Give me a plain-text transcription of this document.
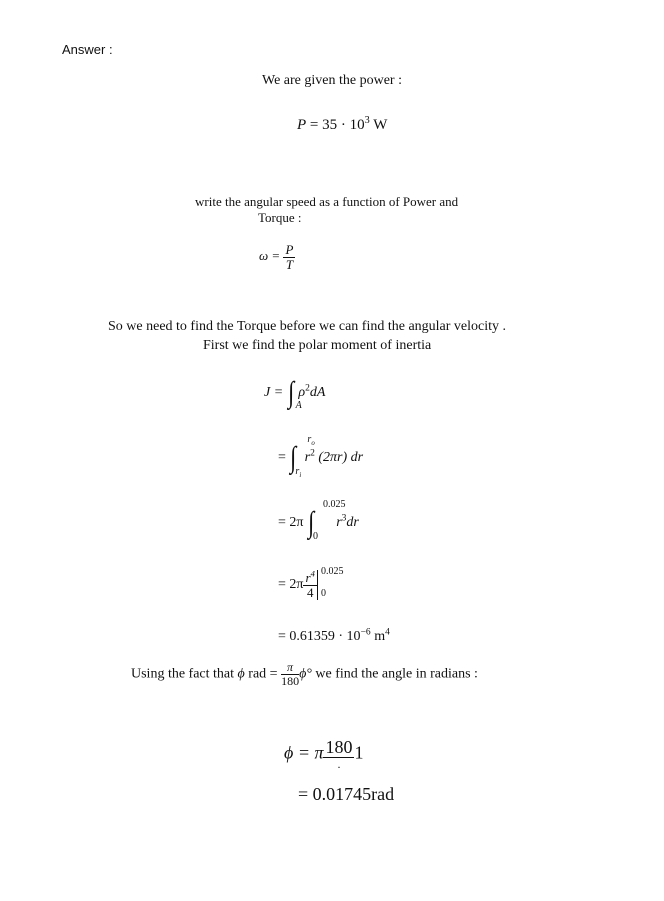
Answer :
We are given the power :
$P = 35 \cdot 10^3$ W
write the angular speed as a function of Power and
Torque :
$\omega = \frac{P}{T}$
So we need to find the Torque before we can find the angular velocity .
First we find the polar moment of inertia
J = ∫ A
$\rho^2dA$
= ∫
$r_o$
$r_i$
$r^2$ (2πr) dr
= 2π ∫
0.025
0
$r^3dr$
= $2\pi \frac{r^4}{4} 0.025$
0
= $0.61359 \cdot 10^{-6}$ $m^4$
Using the fact that ϕ rad = $\frac{\pi}{180} \phi^\circ$ we find the angle in radians :
ϕ = π $\frac{180}{.} 1$
= 0.01745rad
